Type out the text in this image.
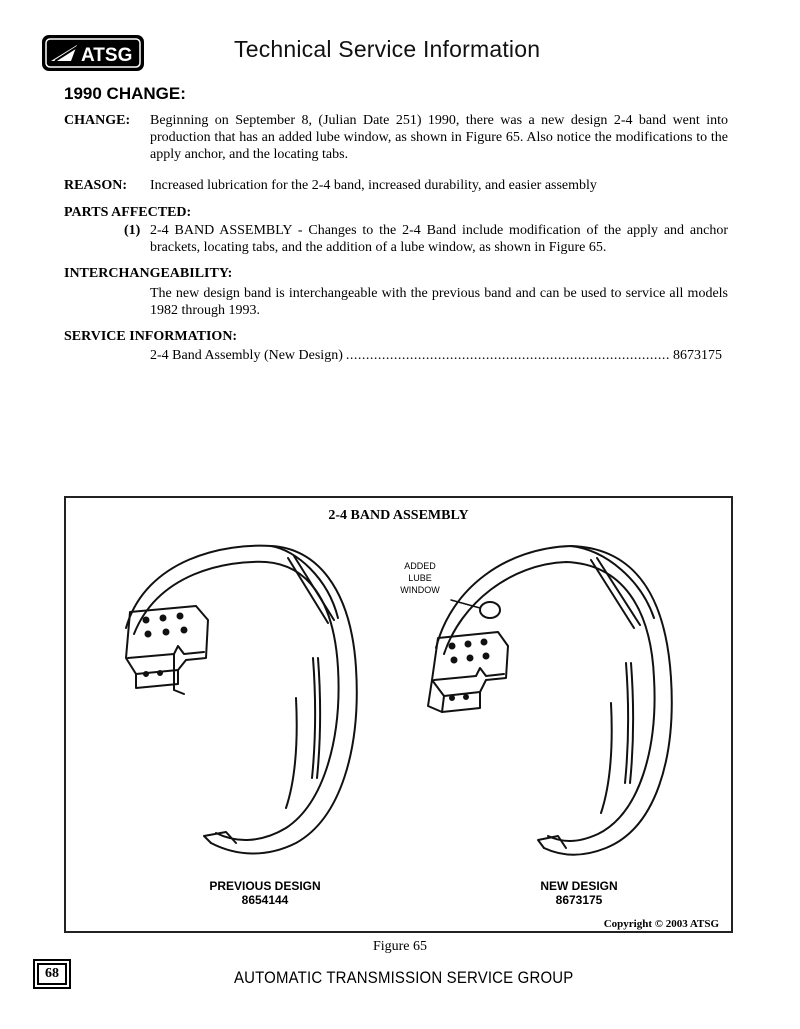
ATSG	Technical Service Information
1990 CHANGE:
CHANGE: Beginning on September 8, (Julian Date 251) 1990, there was a new design 2-4 band went into production that has an added lube window, as shown in Figure 65. Also notice the modifications to the apply anchor, and the locating tabs.

REASON: Increased lubrication for the 2-4 band, increased durability, and easier assembly

PARTS AFFECTED:
(1) 2-4 BAND ASSEMBLY - Changes to the 2-4 Band include modification of the apply and anchor brackets, locating tabs, and the addition of a lube window, as shown in Figure 65.
INTERCHANGEABILITY:
The new design band is interchangeable with the previous band and can be used to service all models 1982 through 1993.
SERVICE INFORMATION:
2-4 Band Assembly (New Design)
.....	8673175
2-4 BAND ASSEMBLY
ADDED
LUBE
WINDOW
PREVIOUS DESIGN
8654144
NEW DESIGN
8673175
Copyright © 2003 ATSG
Figure 65
68	AUTOMATIC TRANSMISSION SERVICE GROUP
